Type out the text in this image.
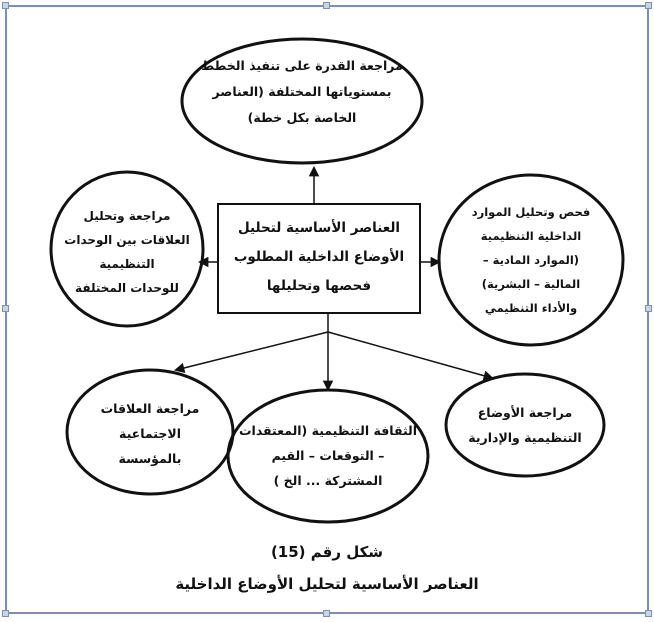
العناصر الأساسية لتحليل
الأوضاع الداخلية المطلوب
فحصها وتحليلها
مراجعة القدرة على تنفيذ الخطط
بمستوياتها المختلفة (العناصر
الخاصة بكل خطة)
مراجعة وتحليل
العلاقات بين الوحدات
التنظيمية
للوحدات المختلفة
فحص وتحليل الموارد
الداخلية التنظيمية
(الموارد المادية –
المالية – البشرية)
والأداء التنظيمي
مراجعة العلاقات
الاجتماعية
بالمؤسسة
الثقافة التنظيمية (المعتقدات
– التوقعات – القيم
المشتركة ... الخ )
مراجعة الأوضاع
التنظيمية والإدارية
شكل رقم (15)
العناصر الأساسية لتحليل الأوضاع الداخلية
